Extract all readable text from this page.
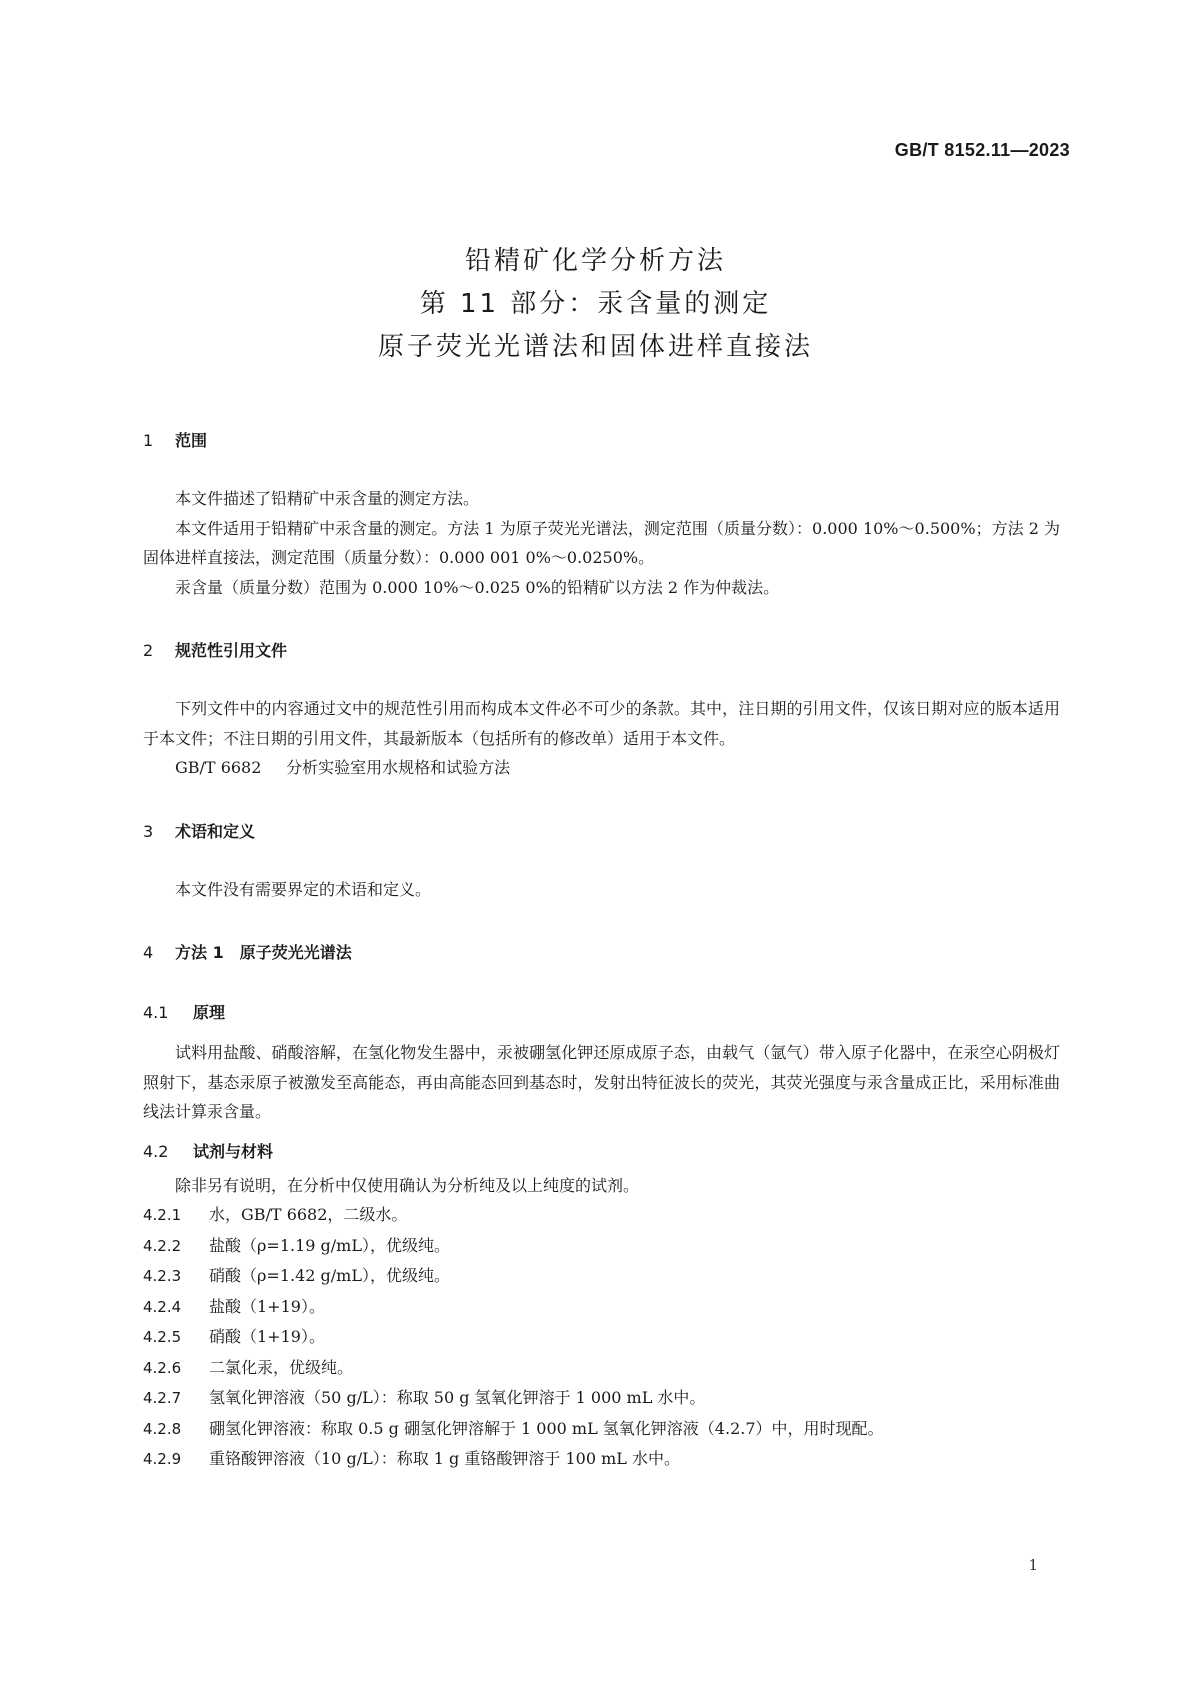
GB/T 8152.11—2023
铅精矿化学分析方法
第 11 部分：汞含量的测定
原子荧光光谱法和固体进样直接法
1	范围

本文件描述了铅精矿中汞含量的测定方法。

本文件适用于铅精矿中汞含量的测定。方法 1 为原子荧光光谱法，测定范围（质量分数）：0.000 10%～0.500%；方法 2 为固体进样直接法，测定范围（质量分数）：0.000 001 0%～0.0250%。

汞含量（质量分数）范围为 0.000 10%～0.025 0%的铅精矿以方法 2 作为仲裁法。

2	规范性引用文件

下列文件中的内容通过文中的规范性引用而构成本文件必不可少的条款。其中，注日期的引用文件，仅该日期对应的版本适用于本文件；不注日期的引用文件，其最新版本（包括所有的修改单）适用于本文件。

GB/T 6682 分析实验室用水规格和试验方法
3	术语和定义

本文件没有需要界定的术语和定义。

4	方法 1　原子荧光光谱法
4.1	原理

试料用盐酸、硝酸溶解，在氢化物发生器中，汞被硼氢化钾还原成原子态，由载气（氩气）带入原子化器中，在汞空心阴极灯照射下，基态汞原子被激发至高能态，再由高能态回到基态时，发射出特征波长的荧光，其荧光强度与汞含量成正比，采用标准曲线法计算汞含量。

4.2	试剂与材料

除非另有说明，在分析中仅使用确认为分析纯及以上纯度的试剂。

4.2.1	水，GB/T 6682，二级水。
4.2.2	盐酸（ρ=1.19 g/mL），优级纯。
4.2.3	硝酸（ρ=1.42 g/mL），优级纯。
4.2.4	盐酸（1+19）。
4.2.5	硝酸（1+19）。
4.2.6	二氯化汞，优级纯。
4.2.7	氢氧化钾溶液（50 g/L）：称取 50 g 氢氧化钾溶于 1 000 mL 水中。
4.2.8	硼氢化钾溶液：称取 0.5 g 硼氢化钾溶解于 1 000 mL 氢氧化钾溶液（4.2.7）中，用时现配。
4.2.9	重铬酸钾溶液（10 g/L）：称取 1 g 重铬酸钾溶于 100 mL 水中。
1
